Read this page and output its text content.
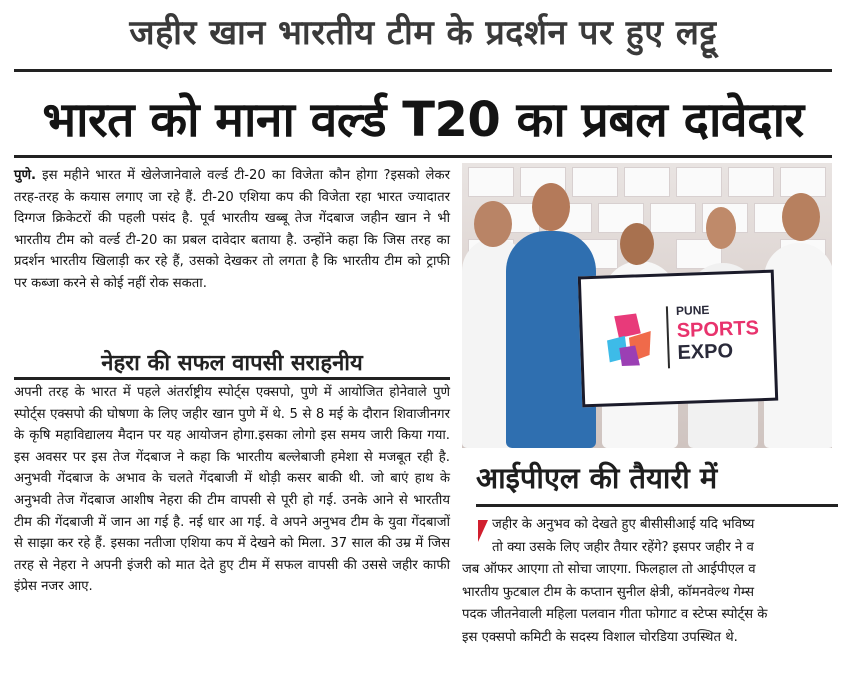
जहीर खान भारतीय टीम के प्रदर्शन पर हुए लट्टू
भारत को माना वर्ल्ड T20 का प्रबल दावेदार
पुणे. इस महीने भारत में खेलेजानेवाले वर्ल्ड टी-20 का विजेता कौन होगा ?इसको लेकर तरह-तरह के कयास लगाए जा रहे हैं. टी-20 एशिया कप की विजेता रहा भारत ज्यादातर दिग्गज क्रिकेटरों की पहली पसंद है. पूर्व भारतीय खब्बू तेज गेंदबाज जहीन खान ने भी भारतीय टीम को वर्ल्ड टी-20 का प्रबल दावेदार बताया है. उन्होंने कहा कि जिस तरह का प्रदर्शन भारतीय खिलाड़ी कर रहे हैं, उसको देखकर तो लगता है कि भारतीय टीम को ट्राफी पर कब्जा करने से कोई नहीं रोक सकता.
नेहरा की सफल वापसी सराहनीय
अपनी तरह के भारत में पहले अंतर्राष्ट्रीय स्पोर्ट्स एक्सपो, पुणे में आयोजित होनेवाले पुणे स्पोर्ट्स एक्सपो की घोषणा के लिए जहीर खान पुणे में थे. 5 से 8 मई के दौरान शिवाजीनगर के कृषि महाविद्यालय मैदान पर यह आयोजन होगा.इसका लोगो इस समय जारी किया गया. इस अवसर पर इस तेज गेंदबाज ने कहा कि भारतीय बल्लेबाजी हमेशा से मजबूत रही है. अनुभवी गेंदबाज के अभाव के चलते गेंदबाजी में थोड़ी कसर बाकी थी. जो बाएं हाथ के अनुभवी तेज गेंदबाज आशीष नेहरा की टीम वापसी से पूरी हो गई. उनके आने से भारतीय टीम की गेंदबाजी में जान आ गई है. नई धार आ गई. वे अपने अनुभव टीम के युवा गेंदबाजों से साझा कर रहे हैं. इसका नतीजा एशिया कप में देखने को मिला. 37 साल की उम्र में जिस तरह से नेहरा ने अपनी इंजरी को मात देते हुए टीम में सफल वापसी की उससे जहीर काफी इंप्रेस नजर आए.
PUNE
SPORTS
EXPO
आईपीएल की तैयारी में
जहीर के अनुभव को देखते हुए बीसीसीआई यदि भविष्य
तो क्या उसके लिए जहीर तैयार रहेंगे? इसपर जहीर ने व
जब ऑफर आएगा तो सोचा जाएगा. फिलहाल तो आईपीएल व
भारतीय फुटबाल टीम के कप्तान सुनील क्षेत्री, कॉमनवेल्थ गेम्स
पदक जीतनेवाली महिला पलवान गीता फोगाट व स्टेप्स स्पोर्ट्स के
इस एक्सपो कमिटी के सदस्य विशाल चोरडिया उपस्थित थे.
